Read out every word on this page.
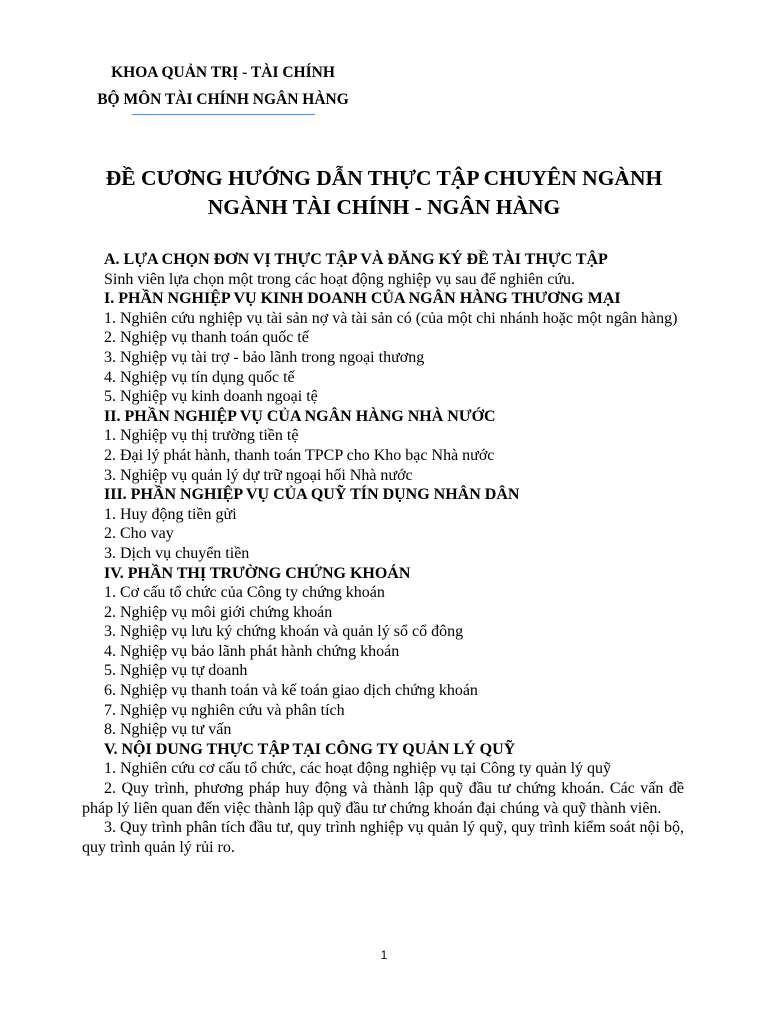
KHOA QUẢN TRỊ - TÀI CHÍNH

BỘ MÔN TÀI CHÍNH NGÂN HÀNG

ĐỀ CƯƠNG HƯỚNG DẪN THỰC TẬP CHUYÊN NGÀNH
NGÀNH TÀI CHÍNH - NGÂN HÀNG

A. LỰA CHỌN ĐƠN VỊ THỰC TẬP VÀ ĐĂNG KÝ ĐỀ TÀI THỰC TẬP

Sinh viên lựa chọn một trong các hoạt động nghiệp vụ sau để nghiên cứu.

I. PHẦN NGHIỆP VỤ KINH DOANH CỦA NGÂN HÀNG THƯƠNG MẠI

1. Nghiên cứu nghiệp vụ tài sản nợ và tài sản có (của một chi nhánh hoặc một ngân hàng)

2. Nghiệp vụ thanh toán quốc tế

3. Nghiệp vụ tài trợ - bảo lãnh trong ngoại thương

4. Nghiệp vụ tín dụng quốc tế

5. Nghiệp vụ kinh doanh ngoại tệ

II. PHẦN NGHIỆP VỤ CỦA NGÂN HÀNG NHÀ NƯỚC

1. Nghiệp vụ thị trường tiền tệ

2. Đại lý phát hành, thanh toán TPCP cho Kho bạc Nhà nước

3. Nghiệp vụ quản lý dự trữ ngoại hối Nhà nước

III. PHẦN NGHIỆP VỤ CỦA QUỸ TÍN DỤNG NHÂN DÂN

1. Huy động tiền gửi

2. Cho vay

3. Dịch vụ chuyển tiền

IV. PHẦN THỊ TRƯỜNG CHỨNG KHOÁN

1. Cơ cấu tổ chức của Công ty chứng khoán

2. Nghiệp vụ môi giới chứng khoán

3. Nghiệp vụ lưu ký chứng khoán và quản lý sổ cổ đông

4. Nghiệp vụ bảo lãnh phát hành chứng khoán

5. Nghiệp vụ tự doanh

6. Nghiệp vụ thanh toán và kế toán giao dịch chứng khoán

7. Nghiệp vụ nghiên cứu và phân tích

8. Nghiệp vụ tư vấn

V. NỘI DUNG THỰC TẬP TẠI CÔNG TY QUẢN LÝ QUỸ

1. Nghiên cứu cơ cấu tổ chức, các hoạt động nghiệp vụ tại Công ty quản lý quỹ

2. Quy trình, phương pháp huy động và thành lập quỹ đầu tư chứng khoán. Các vấn đề pháp lý liên quan đến việc thành lập quỹ đầu tư chứng khoán đại chúng và quỹ thành viên.

3. Quy trình phân tích đầu tư, quy trình nghiệp vụ quản lý quỹ, quy trình kiểm soát nội bộ, quy trình quản lý rủi ro.

1
